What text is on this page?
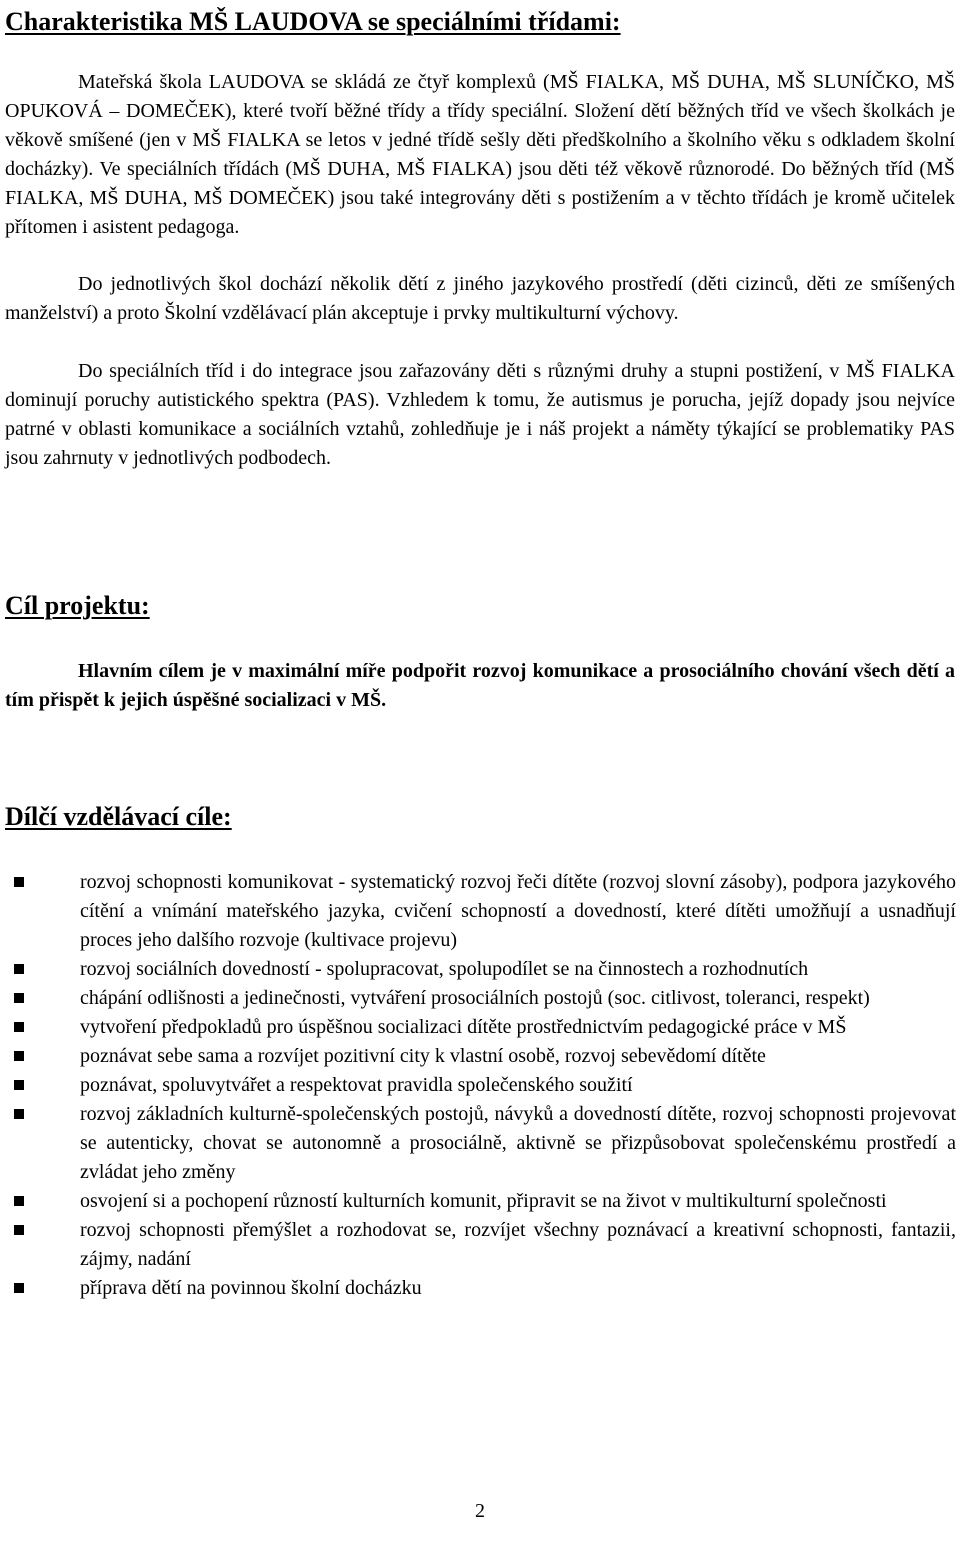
Charakteristika MŠ LAUDOVA se speciálními třídami:

Mateřská škola LAUDOVA se skládá ze čtyř komplexů (MŠ FIALKA, MŠ DUHA, MŠ SLUNÍČKO, MŠ OPUKOVÁ – DOMEČEK), které tvoří běžné třídy a třídy speciální. Složení dětí běžných tříd ve všech školkách je věkově smíšené (jen v MŠ FIALKA se letos v jedné třídě sešly děti předškolního a školního věku s odkladem školní docházky). Ve speciálních třídách (MŠ DUHA, MŠ FIALKA) jsou děti též věkově různorodé. Do běžných tříd (MŠ FIALKA, MŠ DUHA, MŠ DOMEČEK) jsou také integrovány děti s postižením a v těchto třídách je kromě učitelek přítomen i asistent pedagoga.

Do jednotlivých škol dochází několik dětí z jiného jazykového prostředí (děti cizinců, děti ze smíšených manželství) a proto Školní vzdělávací plán akceptuje i prvky multikulturní výchovy.

Do speciálních tříd i do integrace jsou zařazovány děti s různými druhy a stupni postižení, v MŠ FIALKA dominují poruchy autistického spektra (PAS). Vzhledem k tomu, že autismus je porucha, jejíž dopady jsou nejvíce patrné v oblasti komunikace a sociálních vztahů, zohledňuje je i náš projekt a náměty týkající se problematiky PAS jsou zahrnuty v jednotlivých podbodech.

Cíl projektu:

Hlavním cílem je v maximální míře podpořit rozvoj komunikace a prosociálního chování všech dětí a tím přispět k jejich úspěšné socializaci v MŠ.

Dílčí vzdělávací cíle:
rozvoj schopnosti komunikovat - systematický rozvoj řeči dítěte (rozvoj slovní zásoby), podpora jazykového cítění a vnímání mateřského jazyka, cvičení schopností a dovedností, které dítěti umožňují a usnadňují proces jeho dalšího rozvoje (kultivace projevu)
rozvoj sociálních dovedností - spolupracovat, spolupodílet se na činnostech a rozhodnutích
chápání odlišnosti a jedinečnosti, vytváření prosociálních postojů (soc. citlivost, toleranci, respekt)
vytvoření předpokladů pro úspěšnou socializaci dítěte prostřednictvím pedagogické práce v MŠ
poznávat sebe sama a rozvíjet pozitivní city k vlastní osobě, rozvoj sebevědomí dítěte
poznávat, spoluvytvářet a respektovat pravidla společenského soužití
rozvoj základních kulturně-společenských postojů, návyků a dovedností dítěte, rozvoj schopnosti projevovat se autenticky, chovat se autonomně a prosociálně, aktivně se přizpůsobovat společenskému prostředí a zvládat jeho změny
osvojení si a pochopení růzností kulturních komunit, připravit se na život v multikulturní společnosti
rozvoj schopnosti přemýšlet a rozhodovat se, rozvíjet všechny poznávací a kreativní schopnosti, fantazii, zájmy, nadání
příprava dětí na povinnou školní docházku
2
